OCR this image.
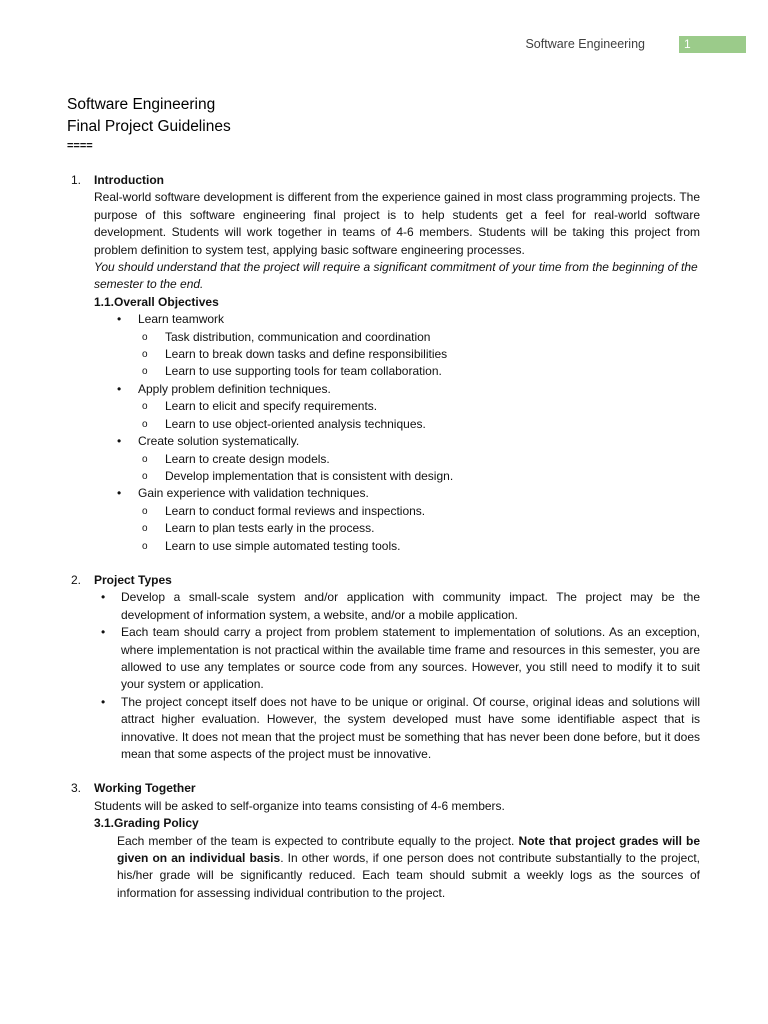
Software Engineering	1
Software Engineering
Final Project Guidelines
====
1. Introduction
Real-world software development is different from the experience gained in most class programming projects. The purpose of this software engineering final project is to help students get a feel for real-world software development. Students will work together in teams of 4-6 members. Students will be taking this project from problem definition to system test, applying basic software engineering processes.
You should understand that the project will require a significant commitment of your time from the beginning of the semester to the end.
1.1.Overall Objectives
• Learn teamwork
o Task distribution, communication and coordination
o Learn to break down tasks and define responsibilities
o Learn to use supporting tools for team collaboration.
• Apply problem definition techniques.
o Learn to elicit and specify requirements.
o Learn to use object-oriented analysis techniques.
• Create solution systematically.
o Learn to create design models.
o Develop implementation that is consistent with design.
• Gain experience with validation techniques.
o Learn to conduct formal reviews and inspections.
o Learn to plan tests early in the process.
o Learn to use simple automated testing tools.
2. Project Types
• Develop a small-scale system and/or application with community impact. The project may be the development of information system, a website, and/or a mobile application.
• Each team should carry a project from problem statement to implementation of solutions. As an exception, where implementation is not practical within the available time frame and resources in this semester, you are allowed to use any templates or source code from any sources. However, you still need to modify it to suit your system or application.
• The project concept itself does not have to be unique or original. Of course, original ideas and solutions will attract higher evaluation. However, the system developed must have some identifiable aspect that is innovative. It does not mean that the project must be something that has never been done before, but it does mean that some aspects of the project must be innovative.
3. Working Together
Students will be asked to self-organize into teams consisting of 4-6 members.
3.1.Grading Policy
Each member of the team is expected to contribute equally to the project. Note that project grades will be given on an individual basis. In other words, if one person does not contribute substantially to the project, his/her grade will be significantly reduced. Each team should submit a weekly logs as the sources of information for assessing individual contribution to the project.
